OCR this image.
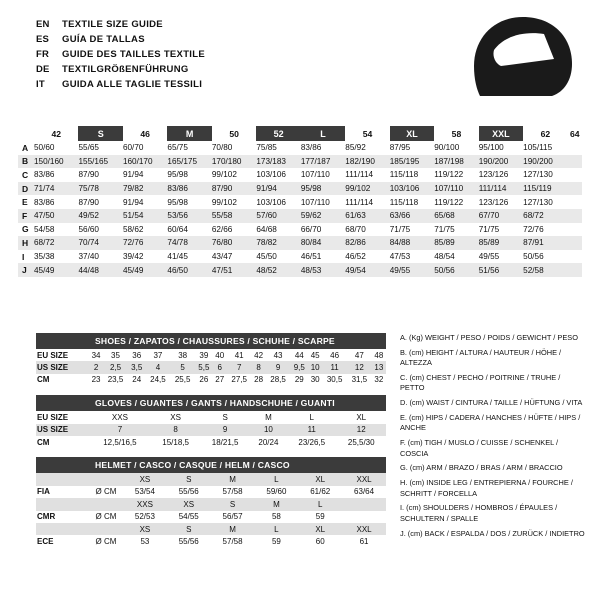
EN	TEXTILE SIZE GUIDE
ES	GUÍA DE TALLAS
FR	GUIDE DES TAILLES TEXTILE
DE	TEXTILGRÖßENFÜHRUNG
IT	GUIDA ALLE TAGLIE TESSILI
	42	S	46	M	50	52	L	54	XL	58	XXL	62	64
A	50/60	55/65	60/70	65/75	70/80	75/85	83/86	85/92	87/95	90/100	95/100	105/115	
B	150/160	155/165	160/170	165/175	170/180	173/183	177/187	182/190	185/195	187/198	190/200	190/200	
C	83/86	87/90	91/94	95/98	99/102	103/106	107/110	111/114	115/118	119/122	123/126	127/130	
D	71/74	75/78	79/82	83/86	87/90	91/94	95/98	99/102	103/106	107/110	111/114	115/119	
E	83/86	87/90	91/94	95/98	99/102	103/106	107/110	111/114	115/118	119/122	123/126	127/130	
F	47/50	49/52	51/54	53/56	55/58	57/60	59/62	61/63	63/66	65/68	67/70	68/72	
G	54/58	56/60	58/62	60/64	62/66	64/68	66/70	68/70	71/75	71/75	71/75	72/76	
H	68/72	70/74	72/76	74/78	76/80	78/82	80/84	82/86	84/88	85/89	85/89	87/91	
I	35/38	37/40	39/42	41/45	43/47	45/50	46/51	46/52	47/53	48/54	49/55	50/56	
J	45/49	44/48	45/49	46/50	47/51	48/52	48/53	49/54	49/55	50/56	51/56	52/58	
SHOES / ZAPATOS / CHAUSSURES / SCHUHE / SCARPE
EU SIZE	34	35	36	37	38	39	40	41	42	43	44	45	46	47	48
US SIZE	2	2,5	3,5	4	5	5,5	6	7	8	9	9,5	10	11	12	13
CM	23	23,5	24	24,5	25,5	26	27	27,5	28	28,5	29	30	30,5	31,5	32
GLOVES / GUANTES / GANTS / HANDSCHUHE / GUANTI
EU SIZE	XXS	XS	S	M	L	XL
US SIZE	7	8	9	10	11	12
CM	12,5/16,5	15/18,5	18/21,5	20/24	23/26,5	25,5/30
HELMET / CASCO / CASQUE / HELM / CASCO
		XS	S	M	L	XL	XXL
FIA	Ø CM	53/54	55/56	57/58	59/60	61/62	63/64
		XXS	XS	S	M	L	
CMR	Ø CM	52/53	54/55	56/57	58	59	
		XS	S	M	L	XL	XXL
ECE	Ø CM	53	55/56	57/58	59	60	61
A. (Kg) WEIGHT / PESO / POIDS / GEWICHT / PESO
B. (cm) HEIGHT / ALTURA / HAUTEUR / HÖHE / ALTEZZA
C. (cm) CHEST / PECHO / POITRINE / TRUHE / PETTO
D. (cm) WAIST / CINTURA / TAILLE / HÜFTUNG / VITA
E. (cm) HIPS / CADERA / HANCHES / HÜFTE / HIPS / ANCHE
F. (cm) TIGH / MUSLO / CUISSE / SCHENKEL / COSCIA
G. (cm) ARM / BRAZO / BRAS / ARM / BRACCIO
H. (cm) INSIDE LEG / ENTREPIERNA / FOURCHE / SCHRITT / FORCELLA
I. (cm) SHOULDERS / HOMBROS / ÉPAULES / SCHULTERN / SPALLE
J. (cm) BACK / ESPALDA / DOS / ZURÜCK / INDIETRO
